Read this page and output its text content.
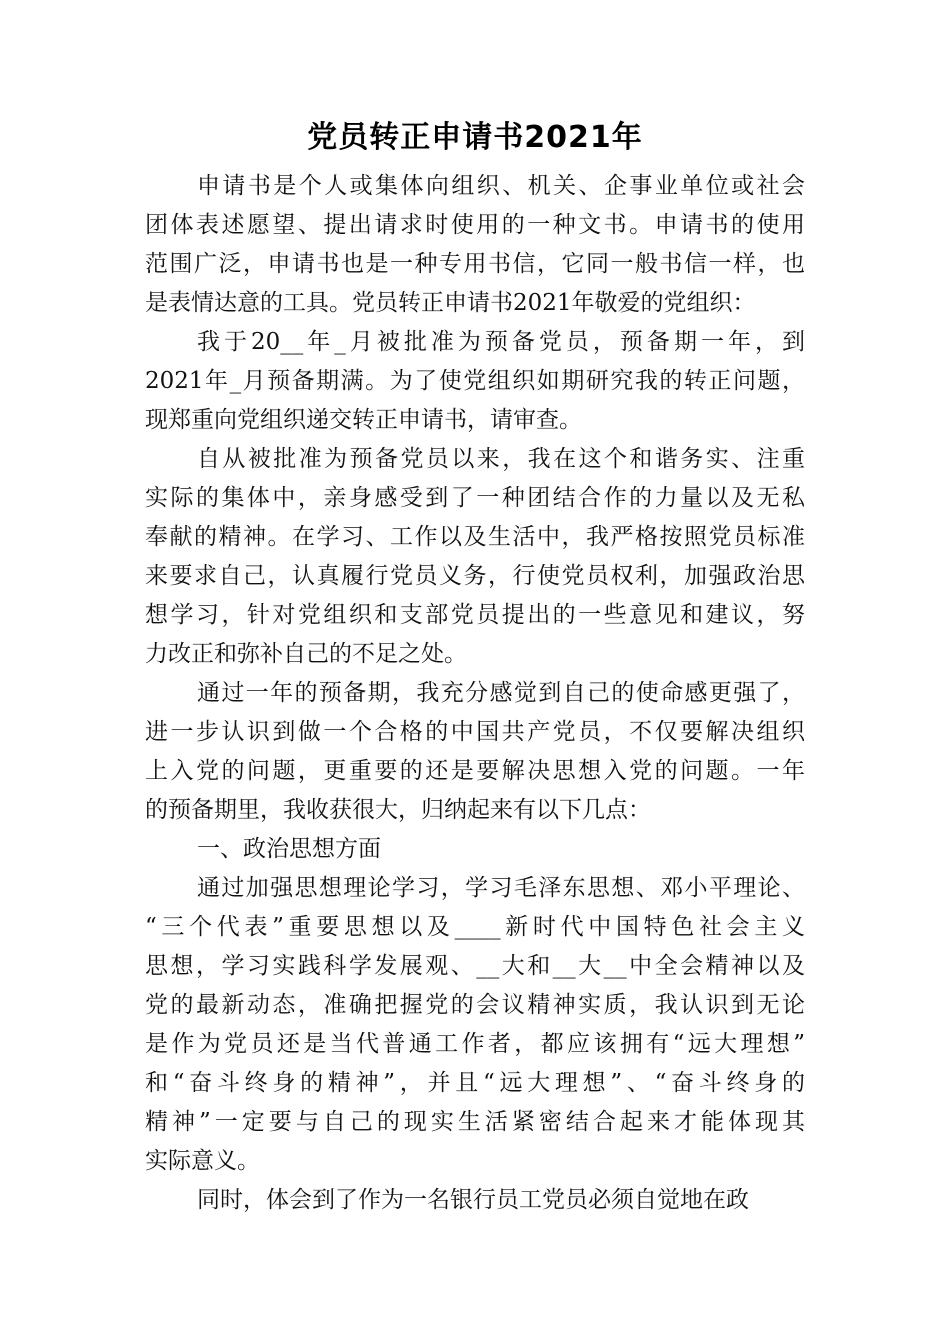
党员转正申请书2021年
申请书是个人或集体向组织、机关、企事业单位或社会
团体表述愿望、提出请求时使用的一种文书。申请书的使用
范围广泛，申请书也是一种专用书信，它同一般书信一样，也
是表情达意的工具。党员转正申请书2021年敬爱的党组织：
我于20__年_月被批准为预备党员，预备期一年，到
2021年_月预备期满。为了使党组织如期研究我的转正问题，
现郑重向党组织递交转正申请书，请审查。
自从被批准为预备党员以来，我在这个和谐务实、注重
实际的集体中，亲身感受到了一种团结合作的力量以及无私
奉献的精神。在学习、工作以及生活中，我严格按照党员标准
来要求自己，认真履行党员义务，行使党员权利，加强政治思
想学习，针对党组织和支部党员提出的一些意见和建议，努
力改正和弥补自己的不足之处。
通过一年的预备期，我充分感觉到自己的使命感更强了，
进一步认识到做一个合格的中国共产党员，不仅要解决组织
上入党的问题，更重要的还是要解决思想入党的问题。一年
的预备期里，我收获很大，归纳起来有以下几点：
一、政治思想方面
通过加强思想理论学习，学习毛泽东思想、邓小平理论、
“三个代表”重要思想以及____新时代中国特色社会主义
思想，学习实践科学发展观、__大和__大__中全会精神以及
党的最新动态，准确把握党的会议精神实质，我认识到无论
是作为党员还是当代普通工作者，都应该拥有“远大理想”
和“奋斗终身的精神”，并且“远大理想”、“奋斗终身的
精神”一定要与自己的现实生活紧密结合起来才能体现其
实际意义。
同时，体会到了作为一名银行员工党员必须自觉地在政
